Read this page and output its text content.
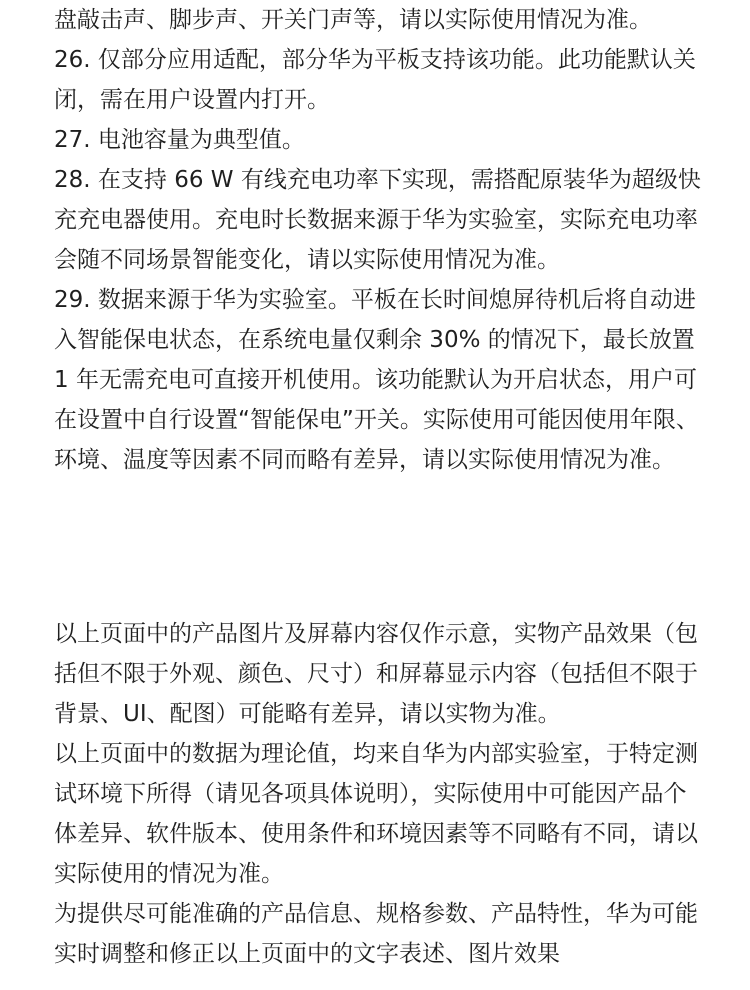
盘敲击声、脚步声、开关门声等，请以实际使用情况为准。

26. 仅部分应用适配，部分华为平板支持该功能。此功能默认关闭，需在用户设置内打开。

27. 电池容量为典型值。

28. 在支持 66 W 有线充电功率下实现，需搭配原装华为超级快充充电器使用。充电时长数据来源于华为实验室，实际充电功率会随不同场景智能变化，请以实际使用情况为准。

29. 数据来源于华为实验室。平板在长时间熄屏待机后将自动进入智能保电状态，在系统电量仅剩余 30% 的情况下，最长放置 1 年无需充电可直接开机使用。该功能默认为开启状态，用户可在设置中自行设置“智能保电”开关。实际使用可能因使用年限、环境、温度等因素不同而略有差异，请以实际使用情况为准。

以上页面中的产品图片及屏幕内容仅作示意，实物产品效果（包括但不限于外观、颜色、尺寸）和屏幕显示内容（包括但不限于背景、UI、配图）可能略有差异，请以实物为准。

以上页面中的数据为理论值，均来自华为内部实验室，于特定测试环境下所得（请见各项具体说明），实际使用中可能因产品个体差异、软件版本、使用条件和环境因素等不同略有不同，请以实际使用的情况为准。

为提供尽可能准确的产品信息、规格参数、产品特性，华为可能实时调整和修正以上页面中的文字表述、图片效果
